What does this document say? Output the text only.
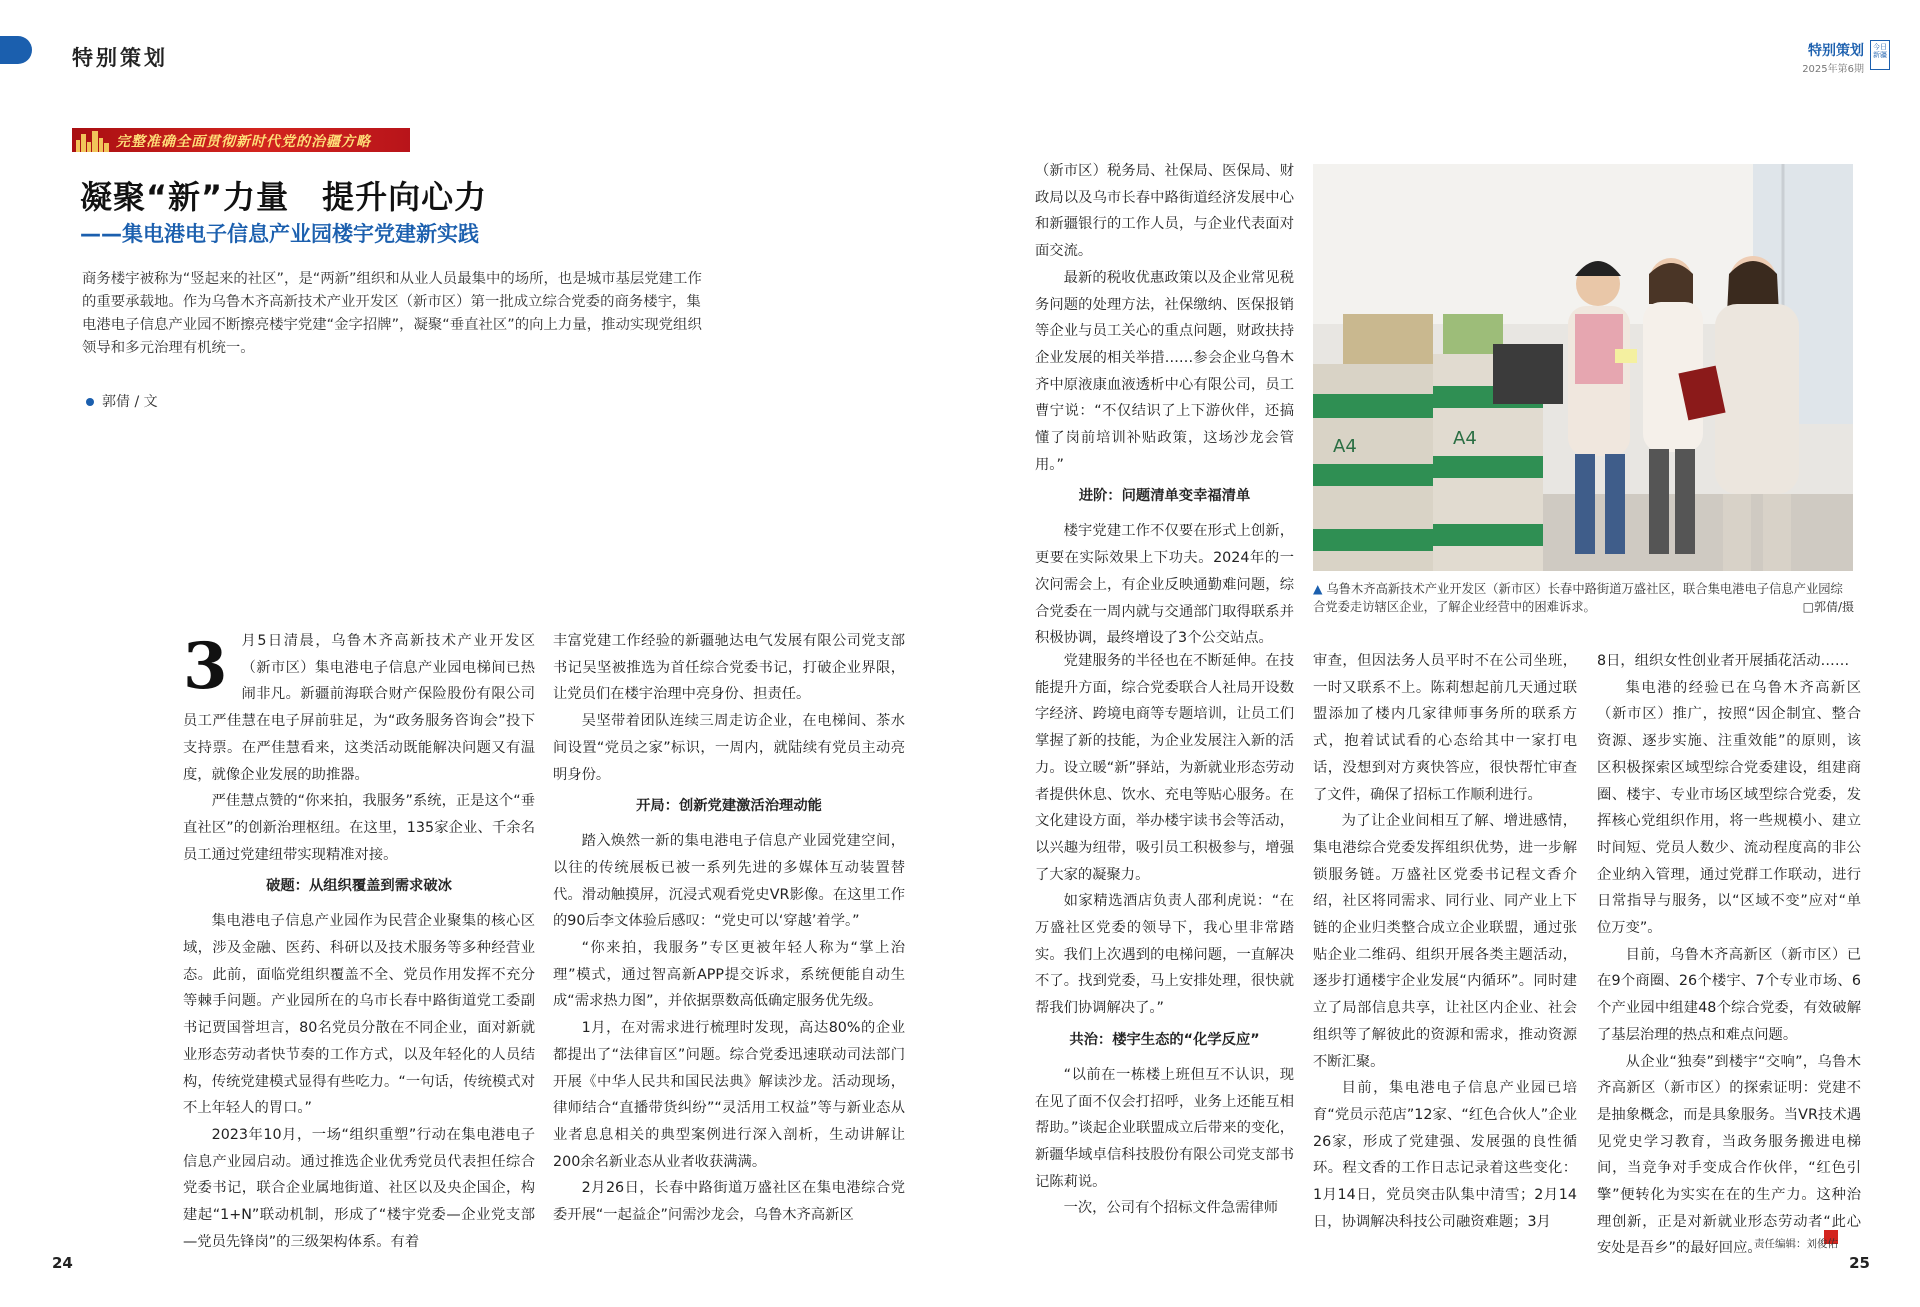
特别策划	特别策划
2025年第6期
今日新疆
完整准确全面贯彻新时代党的治疆方略
凝聚“新”力量　提升向心力
——集电港电子信息产业园楼宇党建新实践
商务楼宇被称为“竖起来的社区”，是“两新”组织和从业人员最集中的场所，也是城市基层党建工作的重要承载地。作为乌鲁木齐高新技术产业开发区（新市区）第一批成立综合党委的商务楼宇，集电港电子信息产业园不断擦亮楼宇党建“金字招牌”，凝聚“垂直社区”的向上力量，推动实现党组织领导和多元治理有机统一。
郭倩 / 文
3 月5日清晨，乌鲁木齐高新技术产业开发区（新市区）集电港电子信息产业园电梯间已热闹非凡。新疆前海联合财产保险股份有限公司员工严佳慧在电子屏前驻足，为“政务服务咨询会”投下支持票。在严佳慧看来，这类活动既能解决问题又有温度，就像企业发展的助推器。

严佳慧点赞的“你来拍，我服务”系统，正是这个“垂直社区”的创新治理枢纽。在这里，135家企业、千余名员工通过党建纽带实现精准对接。

破题：从组织覆盖到需求破冰

集电港电子信息产业园作为民营企业聚集的核心区域，涉及金融、医药、科研以及技术服务等多种经营业态。此前，面临党组织覆盖不全、党员作用发挥不充分等棘手问题。产业园所在的乌市长春中路街道党工委副书记贾国誉坦言，80名党员分散在不同企业，面对新就业形态劳动者快节奏的工作方式，以及年轻化的人员结构，传统党建模式显得有些吃力。“一句话，传统模式对不上年轻人的胃口。”

2023年10月，一场“组织重塑”行动在集电港电子信息产业园启动。通过推选企业优秀党员代表担任综合党委书记，联合企业属地街道、社区以及央企国企，构建起“1+N”联动机制，形成了“楼宇党委—企业党支部—党员先锋岗”的三级架构体系。有着

丰富党建工作经验的新疆驰达电气发展有限公司党支部书记吴坚被推选为首任综合党委书记，打破企业界限，让党员们在楼宇治理中亮身份、担责任。

吴坚带着团队连续三周走访企业，在电梯间、茶水间设置“党员之家”标识，一周内，就陆续有党员主动亮明身份。

开局：创新党建激活治理动能

踏入焕然一新的集电港电子信息产业园党建空间，以往的传统展板已被一系列先进的多媒体互动装置替代。滑动触摸屏，沉浸式观看党史VR影像。在这里工作的90后李文体验后感叹：“党史可以‘穿越’着学。”

“你来拍，我服务”专区更被年轻人称为“掌上治理”模式，通过智高新APP提交诉求，系统便能自动生成“需求热力图”，并依据票数高低确定服务优先级。

1月，在对需求进行梳理时发现，高达80%的企业都提出了“法律盲区”问题。综合党委迅速联动司法部门开展《中华人民共和国民法典》解读沙龙。活动现场，律师结合“直播带货纠纷”“灵活用工权益”等与新业态从业者息息相关的典型案例进行深入剖析，生动讲解让200余名新业态从业者收获满满。

2月26日，长春中路街道万盛社区在集电港综合党委开展“一起益企”问需沙龙会，乌鲁木齐高新区

（新市区）税务局、社保局、医保局、财政局以及乌市长春中路街道经济发展中心和新疆银行的工作人员，与企业代表面对面交流。

最新的税收优惠政策以及企业常见税务问题的处理方法，社保缴纳、医保报销等企业与员工关心的重点问题，财政扶持企业发展的相关举措……参会企业乌鲁木齐中原液康血液透析中心有限公司，员工曹宁说：“不仅结识了上下游伙伴，还搞懂了岗前培训补贴政策，这场沙龙会管用。”

进阶：问题清单变幸福清单

楼宇党建工作不仅要在形式上创新，更要在实际效果上下功夫。2024年的一次问需会上，有企业反映通勤难问题，综合党委在一周内就与交通部门取得联系并积极协调，最终增设了3个公交站点。

A4	A4
▲ 乌鲁木齐高新技术产业开发区（新市区）长春中路街道万盛社区，联合集电港电子信息产业园综合党委走访辖区企业，了解企业经营中的困难诉求。	□郭倩/摄

党建服务的半径也在不断延伸。在技能提升方面，综合党委联合人社局开设数字经济、跨境电商等专题培训，让员工们掌握了新的技能，为企业发展注入新的活力。设立暖“新”驿站，为新就业形态劳动者提供休息、饮水、充电等贴心服务。在文化建设方面，举办楼宇读书会等活动，以兴趣为纽带，吸引员工积极参与，增强了大家的凝聚力。

如家精选酒店负责人邵利虎说：“在万盛社区党委的领导下，我心里非常踏实。我们上次遇到的电梯问题，一直解决不了。找到党委，马上安排处理，很快就帮我们协调解决了。”

共治：楼宇生态的“化学反应”

“以前在一栋楼上班但互不认识，现在见了面不仅会打招呼，业务上还能互相帮助。”谈起企业联盟成立后带来的变化，新疆华域卓信科技股份有限公司党支部书记陈莉说。

一次，公司有个招标文件急需律师

审查，但因法务人员平时不在公司坐班，一时又联系不上。陈莉想起前几天通过联盟添加了楼内几家律师事务所的联系方式，抱着试试看的心态给其中一家打电话，没想到对方爽快答应，很快帮忙审查了文件，确保了招标工作顺利进行。

为了让企业间相互了解、增进感情，集电港综合党委发挥组织优势，进一步解锁服务链。万盛社区党委书记程文香介绍，社区将同需求、同行业、同产业上下链的企业归类整合成立企业联盟，通过张贴企业二维码、组织开展各类主题活动，逐步打通楼宇企业发展“内循环”。同时建立了局部信息共享，让社区内企业、社会组织等了解彼此的资源和需求，推动资源不断汇聚。

目前，集电港电子信息产业园已培育“党员示范店”12家、“红色合伙人”企业26家，形成了党建强、发展强的良性循环。程文香的工作日志记录着这些变化：1月14日，党员突击队集中清雪；2月14日，协调解决科技公司融资难题；3月

8日，组织女性创业者开展插花活动……

集电港的经验已在乌鲁木齐高新区（新市区）推广，按照“因企制宜、整合资源、逐步实施、注重效能”的原则，该区积极探索区域型综合党委建设，组建商圈、楼宇、专业市场区域型综合党委，发挥核心党组织作用，将一些规模小、建立时间短、党员人数少、流动程度高的非公企业纳入管理，通过党群工作联动，进行日常指导与服务，以“区域不变”应对“单位万变”。

目前，乌鲁木齐高新区（新市区）已在9个商圈、26个楼宇、7个专业市场、6个产业园中组建48个综合党委，有效破解了基层治理的热点和难点问题。

从企业“独奏”到楼宇“交响”，乌鲁木齐高新区（新市区）的探索证明：党建不是抽象概念，而是具象服务。当VR技术遇见党史学习教育，当政务服务搬进电梯间，当竞争对手变成合作伙伴，“红色引擎”便转化为实实在在的生产力。这种治理创新，正是对新就业形态劳动者“此心安处是吾乡”的最好回应。

24
责任编辑：刘俊佑
25
